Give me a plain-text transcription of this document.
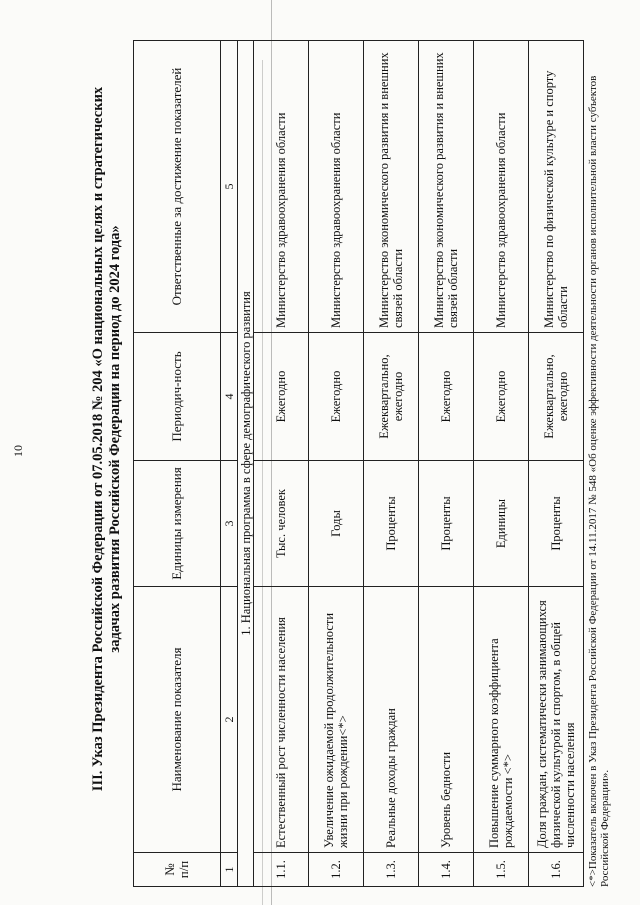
10	III. Указ Президента Российской Федерации от 07.05.2018 № 204 «О национальных целях и стратегических задачах развития Российской Федерации на период до 2024 года»
№ п/п	Наименование показателя	Единицы измерения	Периодич-ность	Ответственные за достижение показателей
1	2	3	4	5
1. Национальная программа в сфере демографического развития				
1.1.	Естественный рост численности населения	Тыс. человек	Ежегодно	Министерство здравоохранения области
1.2.	Увеличение ожидаемой продолжительности жизни при рождении<*>	Годы	Ежегодно	Министерство здравоохранения области
1.3.	Реальные доходы граждан	Проценты	Ежеквартально, ежегодно	Министерство экономического развития и внешних связей области
1.4.	Уровень бедности	Проценты	Ежегодно	Министерство экономического развития и внешних связей области
1.5.	Повышение суммарного коэффициента рождаемости <*>	Единицы	Ежегодно	Министерство здравоохранения области
1.6.	Доля граждан, систематически занимающихся физической культурой и спортом, в общей численности населения	Проценты	Ежеквартально, ежегодно	Министерство по физической культуре и спорту области <*>Показатель включен в Указ Президента Российской Федерации от 14.11.2017 № 548 «Об оценке эффективности деятельности органов исполнительной власти субъектов Российской Федерации».
